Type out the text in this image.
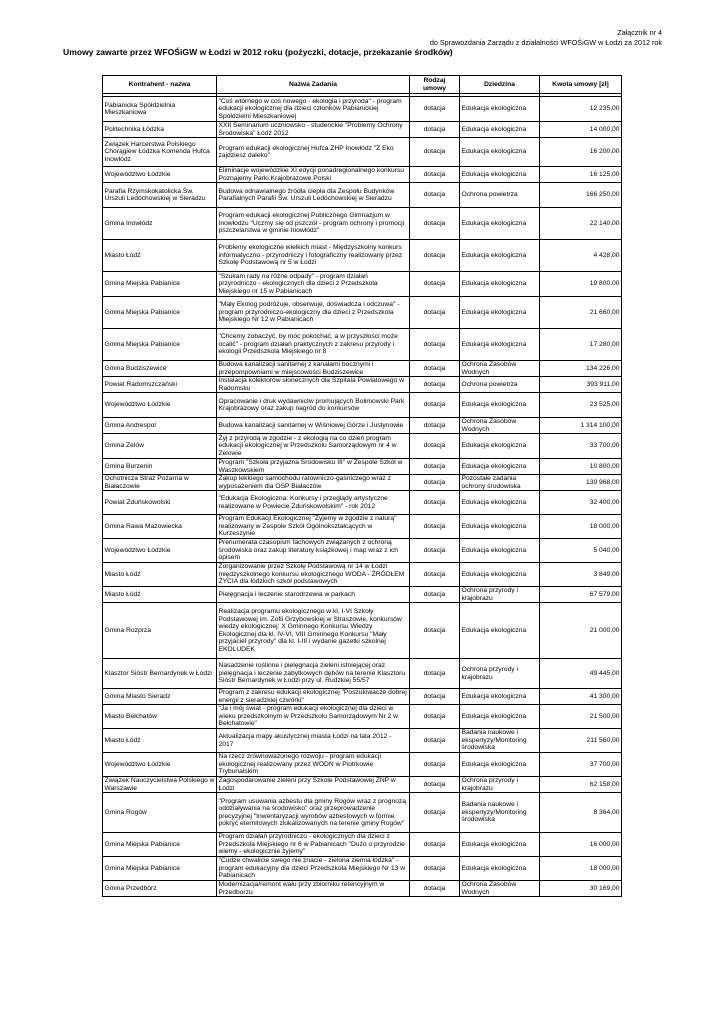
Załącznik nr 4
do Sprawozdania Zarządu z działalności WFOŚiGW w Łodzi za 2012 rok
Umowy zawarte przez WFOŚiGW w Łodzi w 2012 roku (pożyczki, dotacje, przekazanie środków)
Kontrahent - nazwa	Nazwa Zadania	Rodzaj umowy	Dziedzina	Kwota umowy [zł]

Pabianicka Spółdzielnia Mieszkaniowa	"Coś wtórnego w coś nowego - ekologia i przyroda" - program edukacji ekologicznej dla dzieci członków Pabianickiej Spółdzielni Mieszkaniowej	dotacja	Edukacja ekologiczna	12 235,00
Politechnika Łódzka	XXII Seminarium uczniowsko - studenckie "Problemy Ochrony Środowiska" Łódź 2012	dotacja	Edukacja ekologiczna	14 000,00
Związek Harcerstwa Polskiego Chorągiew Łódzka Komenda Hufca Inowłódz	Program edukacji ekologicznej Hufca ZHP Inowłódz "Z Eko zajdziesz daleko"	dotacja	Edukacja ekologiczna	16 200,00
Województwo Łódzkie	Eliminacje wojewódzkie XI edycji ponadregionalnego konkursu Poznajemy Parki Krajobrazowe Polski	dotacja	Edukacja ekologiczna	16 125,00
Parafia Rzymskokatolicka Św. Urszuli Ledóchowskiej w Sieradzu	Budowa odnawialnego źródła ciepła dla Zespołu Budynków Parafialnych Parafii Św. Urszuli Ledóchowskiej w Sieradzu	dotacja	Ochrona powietrza	166 250,00
Gmina Inowłódz	Program edukacji ekologicznej Publicznego Gimnazjum w Inowłodzu "Uczmy się od pszczół - program ochrony i promocji pszczelarstwa w gminie Inowłódz"	dotacja	Edukacja ekologiczna	22 140,00
Miasto Łódź	Problemy ekologiczne wielkich miast - Międzyszkolny konkurs informatyczno - przyrodniczy i fotograficzny realizowany przez Szkołę Podstawową nr 5 w Łodzi	dotacja	Edukacja ekologiczna	4 428,00
Gmina Miejska Pabianice	"Szukam rady na różne odpady" - program działań przyrodniczo - ekologicznych dla dzieci z Przedszkola Miejskiego nr 15 w Pabianicach	dotacja	Edukacja ekologiczna	19 800,00
Gmina Miejska Pabianice	"Mały Ekolog podróżuje, obserwuje, doświadcza i odczuwa" - program przyrodniczo-ekologiczny dla dzieci z Przedszkola Miejskiego Nr 12 w Pabianicach	dotacja	Edukacja ekologiczna	21 660,00
Gmina Miejska Pabianice	"Chcemy zobaczyć, by móc pokochać, a w przyszłości może ocalić" - program działań praktycznych z zakresu przyrody i ekologii Przedszkola Miejskiego nr 8	dotacja	Edukacja ekologiczna	17 280,00
Gmina Budziszewice	Budowa kanalizacji sanitarnej z kanałami bocznymi i przepompowniami w miejscowości Budziszewice	dotacja	Ochrona Zasobów Wodnych	134 226,00
Powiat Radomszczański	Instalacja kolektorów słonecznych dla Szpitala Powiatowego w Radomsku	dotacja	Ochrona powietrza	393 911,00
Województwo Łódzkie	Opracowanie i druk wydawnictw promujących Bolimowski Park Krajobrazowy oraz zakup nagród do konkursów	dotacja	Edukacja ekologiczna	23 525,00
Gmina Andrespol	Budowa kanalizacji sanitarnej w Wiśniowej Górze i Justynowie	dotacja	Ochrona Zasobów Wodnych	1 314 100,00
Gmina Zelów	Żyj z przyrodą w zgodzie - z ekologią na co dzień program edukacji ekologicznej w Przedszkolu Samorządowym nr 4 w Zelowie	dotacja	Edukacja ekologiczna	33 700,00
Gmina Burzenin	Program "Szkoła przyjazna Środowisku III" w Zespole Szkół w Waszkowskiem	dotacja	Edukacja ekologiczna	10 800,00
Ochotnicza Straż Pożarna w Białaczowie	Zakup lekkiego samochodu ratowniczo-gaśniczego wraz z wyposażeniem dla OSP Białaczów	dotacja	Pozostałe zadania ochrony środowiska	139 968,00
Powiat Zduńskowolski	"Edukacja Ekologiczna: Konkursy i przeglądy artystyczne realizowane w Powiecie Zduńskowolskim" - rok 2012	dotacja	Edukacja ekologiczna	32 400,00
Gmina Rawa Mazowiecka	Program Edukacji Ekologicznej "Żyjemy w zgodzie z naturą" realizowany w Zespole Szkół Ogólnokształcących w Kurzeszynie	dotacja	Edukacja ekologiczna	18 000,00
Województwo Łódzkie	Prenumerata czasopism fachowych związanych z ochroną środowiska oraz zakup literatury książkowej i map wraz z ich opisem	dotacja	Edukacja ekologiczna	5 040,00
Miasto Łódź	Zorganizowanie przez Szkołę Podstawową nr 14 w Łodzi międzyszkolnego konkursu ekologicznego WODA - ŹRÓDŁEM ŻYCIA dla łódzkich szkół podstawowych	dotacja	Edukacja ekologiczna	3 849,00
Miasto Łódź	Pielęgnacja i leczenie starodrzewia w parkach	dotacja	Ochrona przyrody i krajobrazu	67 579,00
Gmina Rozprza	Realizacja programu ekologicznego w kl. I-VI Szkoły Podstawowej im. Zofii Grzybowskiej w Straszowie, konkursów wiedzy ekologicznej: X Gminnego Konkursu Wiedzy Ekologicznej dla kl. IV-VI, VIII Gminnego Konkursu "Mały przyjaciel przyrody" dla kl. I-III i wydanie gazetki szkolnej EKOLUDEK	dotacja	Edukacja ekologiczna	21 000,00
Klasztor Sióstr Bernardynek w Łodzi	Nasadzenie roślinne i pielęgnacja zieleni istniejącej oraz pielęgnacja i leczenie zabytkowych dębów na terenie Klasztoru Sióstr Bernardynek w Łodzi przy ul. Rudzkiej 55/57	dotacja	Ochrona przyrody i krajobrazu	49 445,00
Gmina Miasto Sieradz	Program z zakresu edukacji ekologicznej "Poszukiwacze dobrej energii z sieradzkiej czwórki"	dotacja	Edukacja ekologiczna	41 300,00
Miasto Bełchatów	"Ja i mój świat - program edukacji ekologicznej dla dzieci w wieku przedszkolnym w Przedszkolu Samorządowym Nr 2 w Bełchatowie"	dotacja	Edukacja ekologiczna	21 500,00
Miasto Łódź	Aktualizacja mapy akustycznej miasta Łodzi na lata 2012 - 2017	dotacja	Badania naukowe i ekspertyzy/Monitoring środowiska	211 560,00
Województwo Łódzkie	Na rzecz zrównoważonego rozwoju - program edukacji ekologicznej realizowany przez WODN w Piotrkowie Trybunalskim	dotacja	Edukacja ekologiczna	37 700,00
Związek Nauczycielstwa Polskiego w Warszawie	Zagospodarowanie zieleni przy Szkole Podstawowej ZNP w Łodzi	dotacja	Ochrona przyrody i krajobrazu	62 158,00
Gmina Rogów	"Program usuwania azbestu dla gminy Rogów wraz z prognozą oddziaływania na środowisko" oraz przeprowadzenie precyzyjnej "Inwentaryzacji wyrobów azbestowych w formie pokryć eternitowych zlokalizowanych na terenie gminy Rogów"	dotacja	Badania naukowe i ekspertyzy/Monitoring środowiska	8 364,00
Gmina Miejska Pabianice	Program działań przyrodniczo - ekologicznych dla dzieci z Przedszkola Miejskiego nr 6 w Pabianicach "Dużo o przyrodzie wiemy - ekologicznie żyjemy"	dotacja	Edukacja ekologiczna	16 000,00
Gmina Miejska Pabianice	"Cudze chwalicie swego nie znacie - zielona ziemia łódzka" - program edukacyjny dla dzieci Przedszkola Miejskiego Nr 13 w Pabianicach	dotacja	Edukacja ekologiczna	18 000,00
Gmina Przedbórz	Modernizacja/remont wału przy zbiorniku retencyjnym w Przedborzu	dotacja	Ochrona Zasobów Wodnych	30 169,00
